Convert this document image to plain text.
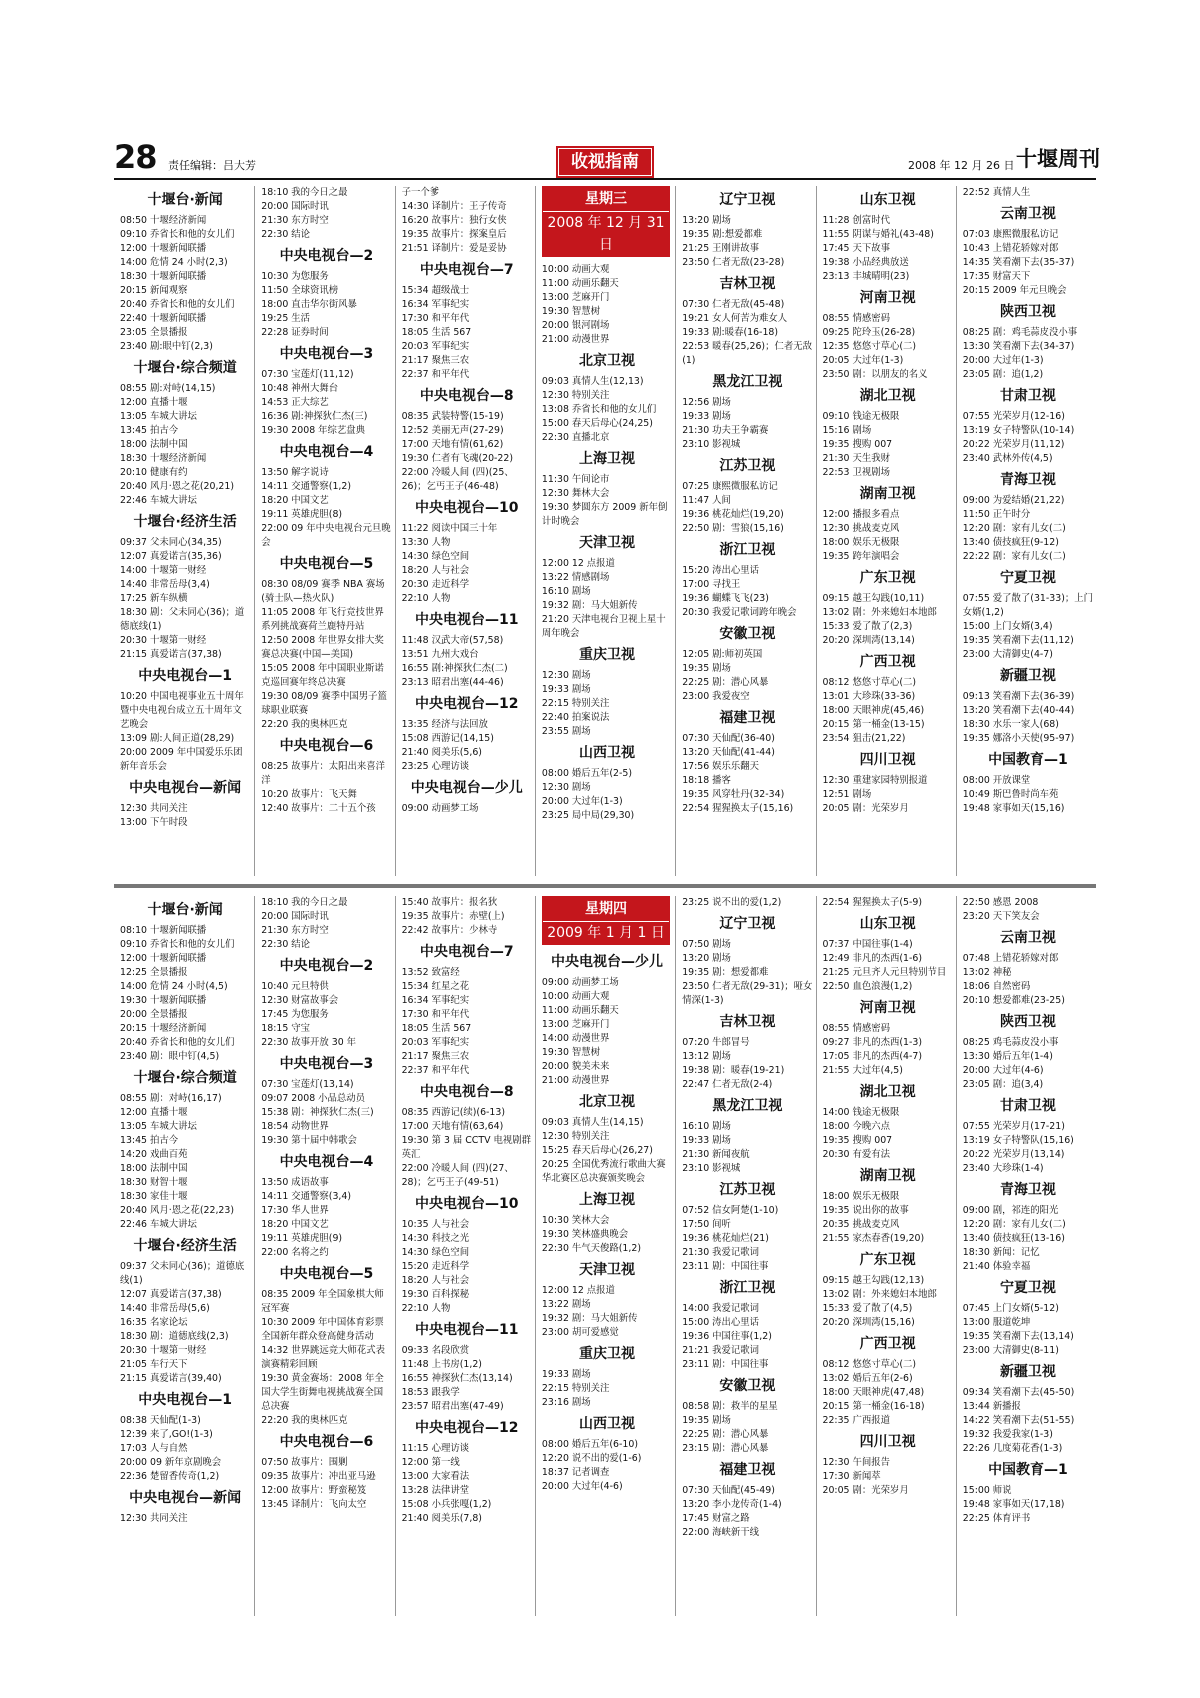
28 责任编辑：吕大芳	收视指南	2008 年 12 月 26 日 十堰周刊
十堰台·新闻
08:50 十堰经济新闻
09:10 乔省长和他的女儿们
12:00 十堰新闻联播
14:00 危情 24 小时(2,3)
18:30 十堰新闻联播
20:15 新闻观察
20:40 乔省长和他的女儿们
22:40 十堰新闻联播
23:05 全景播报
23:40 剧:眼中钉(2,3)
十堰台·综合频道
08:55 剧:对峙(14,15)
12:00 直播十堰
13:05 车城大讲坛
13:45 拍古今
18:00 法制中国
18:30 十堰经济新闻
20:10 健康有约
20:40 风月·恩之花(20,21)
22:46 车城大讲坛
十堰台·经济生活
09:37 父未同心(34,35)
12:07 真爱诺言(35,36)
14:00 十堰第一财经
14:40 非常岳母(3,4)
17:25 新车纵横
18:30 剧：父未同心(36)；道德底线(1)
20:30 十堰第一财经
21:15 真爱诺言(37,38)
中央电视台—1
10:20 中国电视事业五十周年暨中央电视台成立五十周年文艺晚会
13:09 剧:人间正道(28,29)
20:00 2009 年中国爱乐乐团新年音乐会
中央电视台—新闻
12:30 共同关注
13:00 下午时段
18:10 我的今日之最
20:00 国际时讯
21:30 东方时空
22:30 结论
中央电视台—2
10:30 为您服务
11:50 全球资讯榜
18:00 直击华尔街风暴
19:25 生活
22:28 证券时间
中央电视台—3
07:30 宝莲灯(11,12)
10:48 神州大舞台
14:53 正大综艺
16:36 剧:神探狄仁杰(三)
19:30 2008 年综艺盘典
中央电视台—4
13:50 解字说诗
14:11 交通警察(1,2)
18:20 中国文艺
19:11 英雄虎胆(8)
22:00 09 年中央电视台元旦晚会
中央电视台—5
08:30 08/09 赛季 NBA 赛场(骑士队—热火队)
11:05 2008 年飞行竞技世界系列挑战赛荷兰鹿特丹站
12:50 2008 年世界女排大奖赛总决赛(中国—美国)
15:05 2008 年中国职业斯诺克巡回赛年终总决赛
19:30 08/09 赛季中国男子篮球职业联赛
22:20 我的奥林匹克
中央电视台—6
08:25 故事片：太阳出来喜洋洋
10:20 故事片：飞天舞
12:40 故事片：二十五个孩
子一个爹
14:30 译制片：王子传奇
16:20 故事片：独行女侠
19:35 故事片：探案皇后
21:51 译制片：爱是妥协
中央电视台—7
15:34 超级战士
16:34 军事纪实
17:30 和平年代
18:05 生活 567
20:03 军事纪实
21:17 聚焦三农
22:37 和平年代
中央电视台—8
08:35 武装特警(15-19)
12:52 美丽无声(27-29)
17:00 天地有情(61,62)
19:30 仁者有飞魂(20-22)
22:00 冷暖人间 (四)(25、26)；乞丐王子(46-48)
中央电视台—10
11:22 阅读中国三十年
13:30 人物
14:30 绿色空间
18:20 人与社会
20:30 走近科学
22:10 人物
中央电视台—11
11:48 汉武大帝(57,58)
13:51 九州大戏台
16:55 剧:神探狄仁杰(二)
23:13 昭君出塞(44-46)
中央电视台—12
13:35 经济与法回放
15:08 西游记(14,15)
21:40 阅美乐(5,6)
23:25 心理访谈
中央电视台—少儿
09:00 动画梦工场
星期三
2008 年 12 月 31 日
10:00 动画大观
11:00 动画乐翻天
13:00 芝麻开门
19:30 智慧树
20:00 银河剧场
21:00 动漫世界
北京卫视
09:03 真情人生(12,13)
12:30 特别关注
13:08 乔省长和他的女儿们
15:00 春天后母心(24,25)
22:30 直播北京
上海卫视
11:30 午间论市
12:30 舞林大会
19:30 梦圆东方 2009 新年倒计时晚会
天津卫视
12:00 12 点报道
13:22 情感剧场
16:10 剧场
19:32 剧：马大姐新传
21:20 天津电视台卫视上星十周年晚会
重庆卫视
12:30 剧场
19:33 剧场
22:15 特别关注
22:40 拍案说法
23:55 剧场
山西卫视
08:00 婚后五年(2-5)
12:30 剧场
20:00 大过年(1-3)
23:25 局中局(29,30)
辽宁卫视
13:20 剧场
19:35 剧:想爱都难
21:25 王刚讲故事
23:50 仁者无敌(23-28)
吉林卫视
07:30 仁者无敌(45-48)
19:21 女人何苦为难女人
19:33 剧:暖春(16-18)
22:53 暖春(25,26)；仁者无敌(1)
黑龙江卫视
12:56 剧场
19:33 剧场
21:30 功夫王争霸赛
23:10 影视城
江苏卫视
07:25 康熙微服私访记
11:47 人间
19:36 桃花灿烂(19,20)
22:50 剧：雪狼(15,16)
浙江卫视
15:20 涛出心里话
17:00 寻找王
19:36 蝴蝶飞飞(23)
20:30 我爱记歌词跨年晚会
安徽卫视
12:05 剧:师初英国
19:35 剧场
22:25 剧：潜心风暴
23:00 我爱夜空
福建卫视
07:30 天仙配(36-40)
13:20 天仙配(41-44)
17:56 娱乐乐翻天
18:18 播客
19:35 风穿牡丹(32-34)
22:54 猩猩换太子(15,16)
山东卫视
11:28 创富时代
11:55 阴谋与婚礼(43-48)
17:45 天下故事
19:38 小品经典放送
23:13 丰城晴明(23)
河南卫视
08:55 情感密码
09:25 陀玲玉(26-28)
12:35 悠悠寸草心(二)
20:05 大过年(1-3)
23:50 剧：以朋友的名义
湖北卫视
09:10 钱途无极限
15:16 剧场
19:35 搜购 007
21:30 天生我财
22:53 卫视剧场
湖南卫视
12:00 播报多看点
12:30 挑战麦克风
18:00 娱乐无极限
19:35 跨年演唱会
广东卫视
09:15 越王勾践(10,11)
13:02 剧：外来媳妇本地郎
15:33 爱了散了(2,3)
20:20 深圳湾(13,14)
广西卫视
08:12 悠悠寸草心(二)
13:01 大珍珠(33-36)
18:00 天眼神虎(45,46)
20:15 第一桶金(13-15)
23:54 狙击(21,22)
四川卫视
12:30 重建家园特别报道
12:51 剧场
20:05 剧：光荣岁月
22:52 真情人生
云南卫视
07:03 康熙微服私访记
10:43 上错花轿嫁对郎
14:35 笑看潮下去(35-37)
17:35 财富天下
20:15 2009 年元旦晚会
陕西卫视
08:25 剧：鸡毛蒜皮没小事
13:30 笑看潮下去(34-37)
20:00 大过年(1-3)
23:05 剧：追(1,2)
甘肃卫视
07:55 光荣岁月(12-16)
13:19 女子特警队(10-14)
20:22 光荣岁月(11,12)
23:40 武林外传(4,5)
青海卫视
09:00 为爱结婚(21,22)
11:50 正午时分
12:20 剧：家有儿女(二)
13:40 债技疯狂(9-12)
22:22 剧：家有儿女(二)
宁夏卫视
07:55 爱了散了(31-33)；上门女婿(1,2)
15:00 上门女婿(3,4)
19:35 笑看潮下去(11,12)
23:00 大清御史(4-7)
新疆卫视
09:13 笑看潮下去(36-39)
13:20 笑看潮下去(40-44)
18:30 水乐一家人(68)
19:35 娜洛小天使(95-97)
中国教育—1
08:00 开放课堂
10:49 斯巴鲁时尚车苑
19:48 家事如天(15,16)
十堰台·新闻
08:10 十堰新闻联播
09:10 乔省长和他的女儿们
12:00 十堰新闻联播
12:25 全景播报
14:00 危情 24 小时(4,5)
19:30 十堰新闻联播
20:00 全景播报
20:15 十堰经济新闻
20:40 乔省长和他的女儿们
23:40 剧：眼中钉(4,5)
十堰台·综合频道
08:55 剧：对峙(16,17)
12:00 直播十堰
13:05 车城大讲坛
13:45 拍古今
14:20 戏曲百苑
18:00 法制中国
18:30 财智十堰
18:30 家佳十堰
20:40 风月·恩之花(22,23)
22:46 车城大讲坛
十堰台·经济生活
09:37 父未同心(36)；道德底线(1)
12:07 真爱诺言(37,38)
14:40 非常岳母(5,6)
16:35 名家论坛
18:30 剧：道德底线(2,3)
20:30 十堰第一财经
21:05 车行天下
21:15 真爱诺言(39,40)
中央电视台—1
08:38 天仙配(1-3)
12:39 来了,GO!(1-3)
17:03 人与自然
20:00 09 新年京剧晚会
22:36 楚留香传奇(1,2)
中央电视台—新闻
12:30 共同关注
18:10 我的今日之最
20:00 国际时讯
21:30 东方时空
22:30 结论
中央电视台—2
10:40 元旦特供
12:30 财富故事会
17:45 为您服务
18:15 守宝
22:30 故事开放 30 年
中央电视台—3
07:30 宝莲灯(13,14)
09:07 2008 小品总动员
15:38 剧：神探狄仁杰(三)
18:54 动物世界
19:30 第十届中韩歌会
中央电视台—4
13:50 成语故事
14:11 交通警察(3,4)
17:30 华人世界
18:20 中国文艺
19:11 英雄虎胆(9)
22:00 名将之约
中央电视台—5
08:35 2009 年全国象棋大师冠军赛
10:30 2009 年中国体育彩票全国新年群众登高健身活动
14:32 世界跳远竞大师花式表演赛精彩回顾
19:30 黄金赛场：2008 年全国大学生街舞电视挑战赛全国总决赛
22:20 我的奥林匹克
中央电视台—6
07:50 故事片：围剿
09:35 故事片：冲出亚马逊
12:00 故事片：野蛮秘笈
13:45 译制片：飞向太空
15:40 故事片：报名狄
19:35 故事片：赤壁(上)
22:42 故事片：少林寺
中央电视台—7
13:52 致富经
15:34 红星之花
16:34 军事纪实
17:30 和平年代
18:05 生活 567
20:03 军事纪实
21:17 聚焦三农
22:37 和平年代
中央电视台—8
08:35 西游记(续)(6-13)
17:00 天地有情(63,64)
19:30 第 3 届 CCTV 电视剧群英汇
22:00 冷暖人间 (四)(27、28)；乞丐王子(49-51)
中央电视台—10
10:35 人与社会
14:30 科技之光
14:30 绿色空间
15:20 走近科学
18:20 人与社会
19:30 百科探秘
22:10 人物
中央电视台—11
09:33 名段欣赏
11:48 上书房(1,2)
16:55 神探狄仁杰(13,14)
18:53 跟我学
23:57 昭君出塞(47-49)
中央电视台—12
11:15 心理访谈
12:00 第一线
13:00 大家看法
13:28 法律讲堂
15:08 小兵张嘎(1,2)
21:40 阅美乐(7,8)
星期四
2009 年 1 月 1 日
中央电视台—少儿
09:00 动画梦工场
10:00 动画大观
11:00 动画乐翻天
13:00 芝麻开门
14:00 动漫世界
19:30 智慧树
20:00 貌美未来
21:00 动漫世界
北京卫视
09:03 真情人生(14,15)
12:30 特别关注
15:25 春天后母心(26,27)
20:25 全国优秀流行歌曲大赛华北赛区总决赛颁奖晚会
上海卫视
10:30 笑林大会
19:30 笑林盛典晚会
22:30 牛气天俊路(1,2)
天津卫视
12:00 12 点报道
13:22 剧场
19:32 剧：马大姐新传
23:00 胡可爱感觉
重庆卫视
19:33 剧场
22:15 特别关注
23:16 剧场
山西卫视
08:00 婚后五年(6-10)
12:20 说不出的爱(1-6)
18:37 记者调查
20:00 大过年(4-6)
23:25 说不出的爱(1,2)
辽宁卫视
07:50 剧场
13:20 剧场
19:35 剧：想爱都难
23:50 仁者无敌(29-31)；哑女情深(1-3)
吉林卫视
07:20 牛郎冒号
13:12 剧场
19:38 剧：暖春(19-21)
22:47 仁者无敌(2-4)
黑龙江卫视
16:10 剧场
19:33 剧场
21:30 新闻夜航
23:10 影视城
江苏卫视
07:52 信女阿楚(1-10)
17:50 间听
19:36 桃花灿烂(21)
21:30 我爱记歌词
23:11 剧：中国往事
浙江卫视
14:00 我爱记歌词
15:00 涛出心里话
19:36 中国往事(1,2)
21:21 我爱记歌词
23:11 剧：中国往事
安徽卫视
08:58 剧：救半的星星
19:35 剧场
22:25 剧：潜心风暴
23:15 剧：潜心风暴
福建卫视
07:30 天仙配(45-49)
13:20 李小龙传奇(1-4)
17:45 财富之路
22:00 海峡新干线
22:54 猩猩换太子(5-9)
山东卫视
07:37 中国往事(1-4)
12:49 非凡的杰西(1-6)
21:25 元旦齐人元旦特别节目
22:50 血色浪漫(1,2)
河南卫视
08:55 情感密码
09:27 非凡的杰西(1-3)
17:05 非凡的杰西(4-7)
21:55 大过年(4,5)
湖北卫视
14:00 钱途无极限
18:00 今晚六点
19:35 搜购 007
20:30 有爱有法
湖南卫视
18:00 娱乐无极限
19:35 说出你的故事
20:35 挑战麦克风
21:55 家杰春香(19,20)
广东卫视
09:15 越王勾践(12,13)
13:02 剧：外来媳妇本地郎
15:33 爱了散了(4,5)
20:20 深圳湾(15,16)
广西卫视
08:12 悠悠寸草心(二)
13:02 婚后五年(2-6)
18:00 天眼神虎(47,48)
20:15 第一桶金(16-18)
22:35 广西报道
四川卫视
12:30 午间报告
17:30 新闻萃
20:05 剧：光荣岁月
22:50 感恩 2008
23:20 天下笑友会
云南卫视
07:48 上错花轿嫁对郎
13:02 神秘
18:06 自然密码
20:10 想爱都难(23-25)
陕西卫视
08:25 鸡毛蒜皮没小事
13:30 婚后五年(1-4)
20:00 大过年(4-6)
23:05 剧：追(3,4)
甘肃卫视
07:55 光荣岁月(17-21)
13:19 女子特警队(15,16)
20:22 光荣岁月(13,14)
23:40 大珍珠(1-4)
青海卫视
09:00 剧，祁连的阳光
12:20 剧：家有儿女(二)
13:40 债技疯狂(13-16)
18:30 新闻：记忆
21:40 体验幸福
宁夏卫视
07:45 上门女婿(5-12)
13:00 服道乾坤
19:35 笑看潮下去(13,14)
23:00 大清御史(8-11)
新疆卫视
09:34 笑看潮下去(45-50)
13:44 新播报
14:22 笑看潮下去(51-55)
19:32 我爱我家(1-3)
22:26 几度菊花香(1-3)
中国教育—1
15:00 师说
19:48 家事如天(17,18)
22:25 体育评书
